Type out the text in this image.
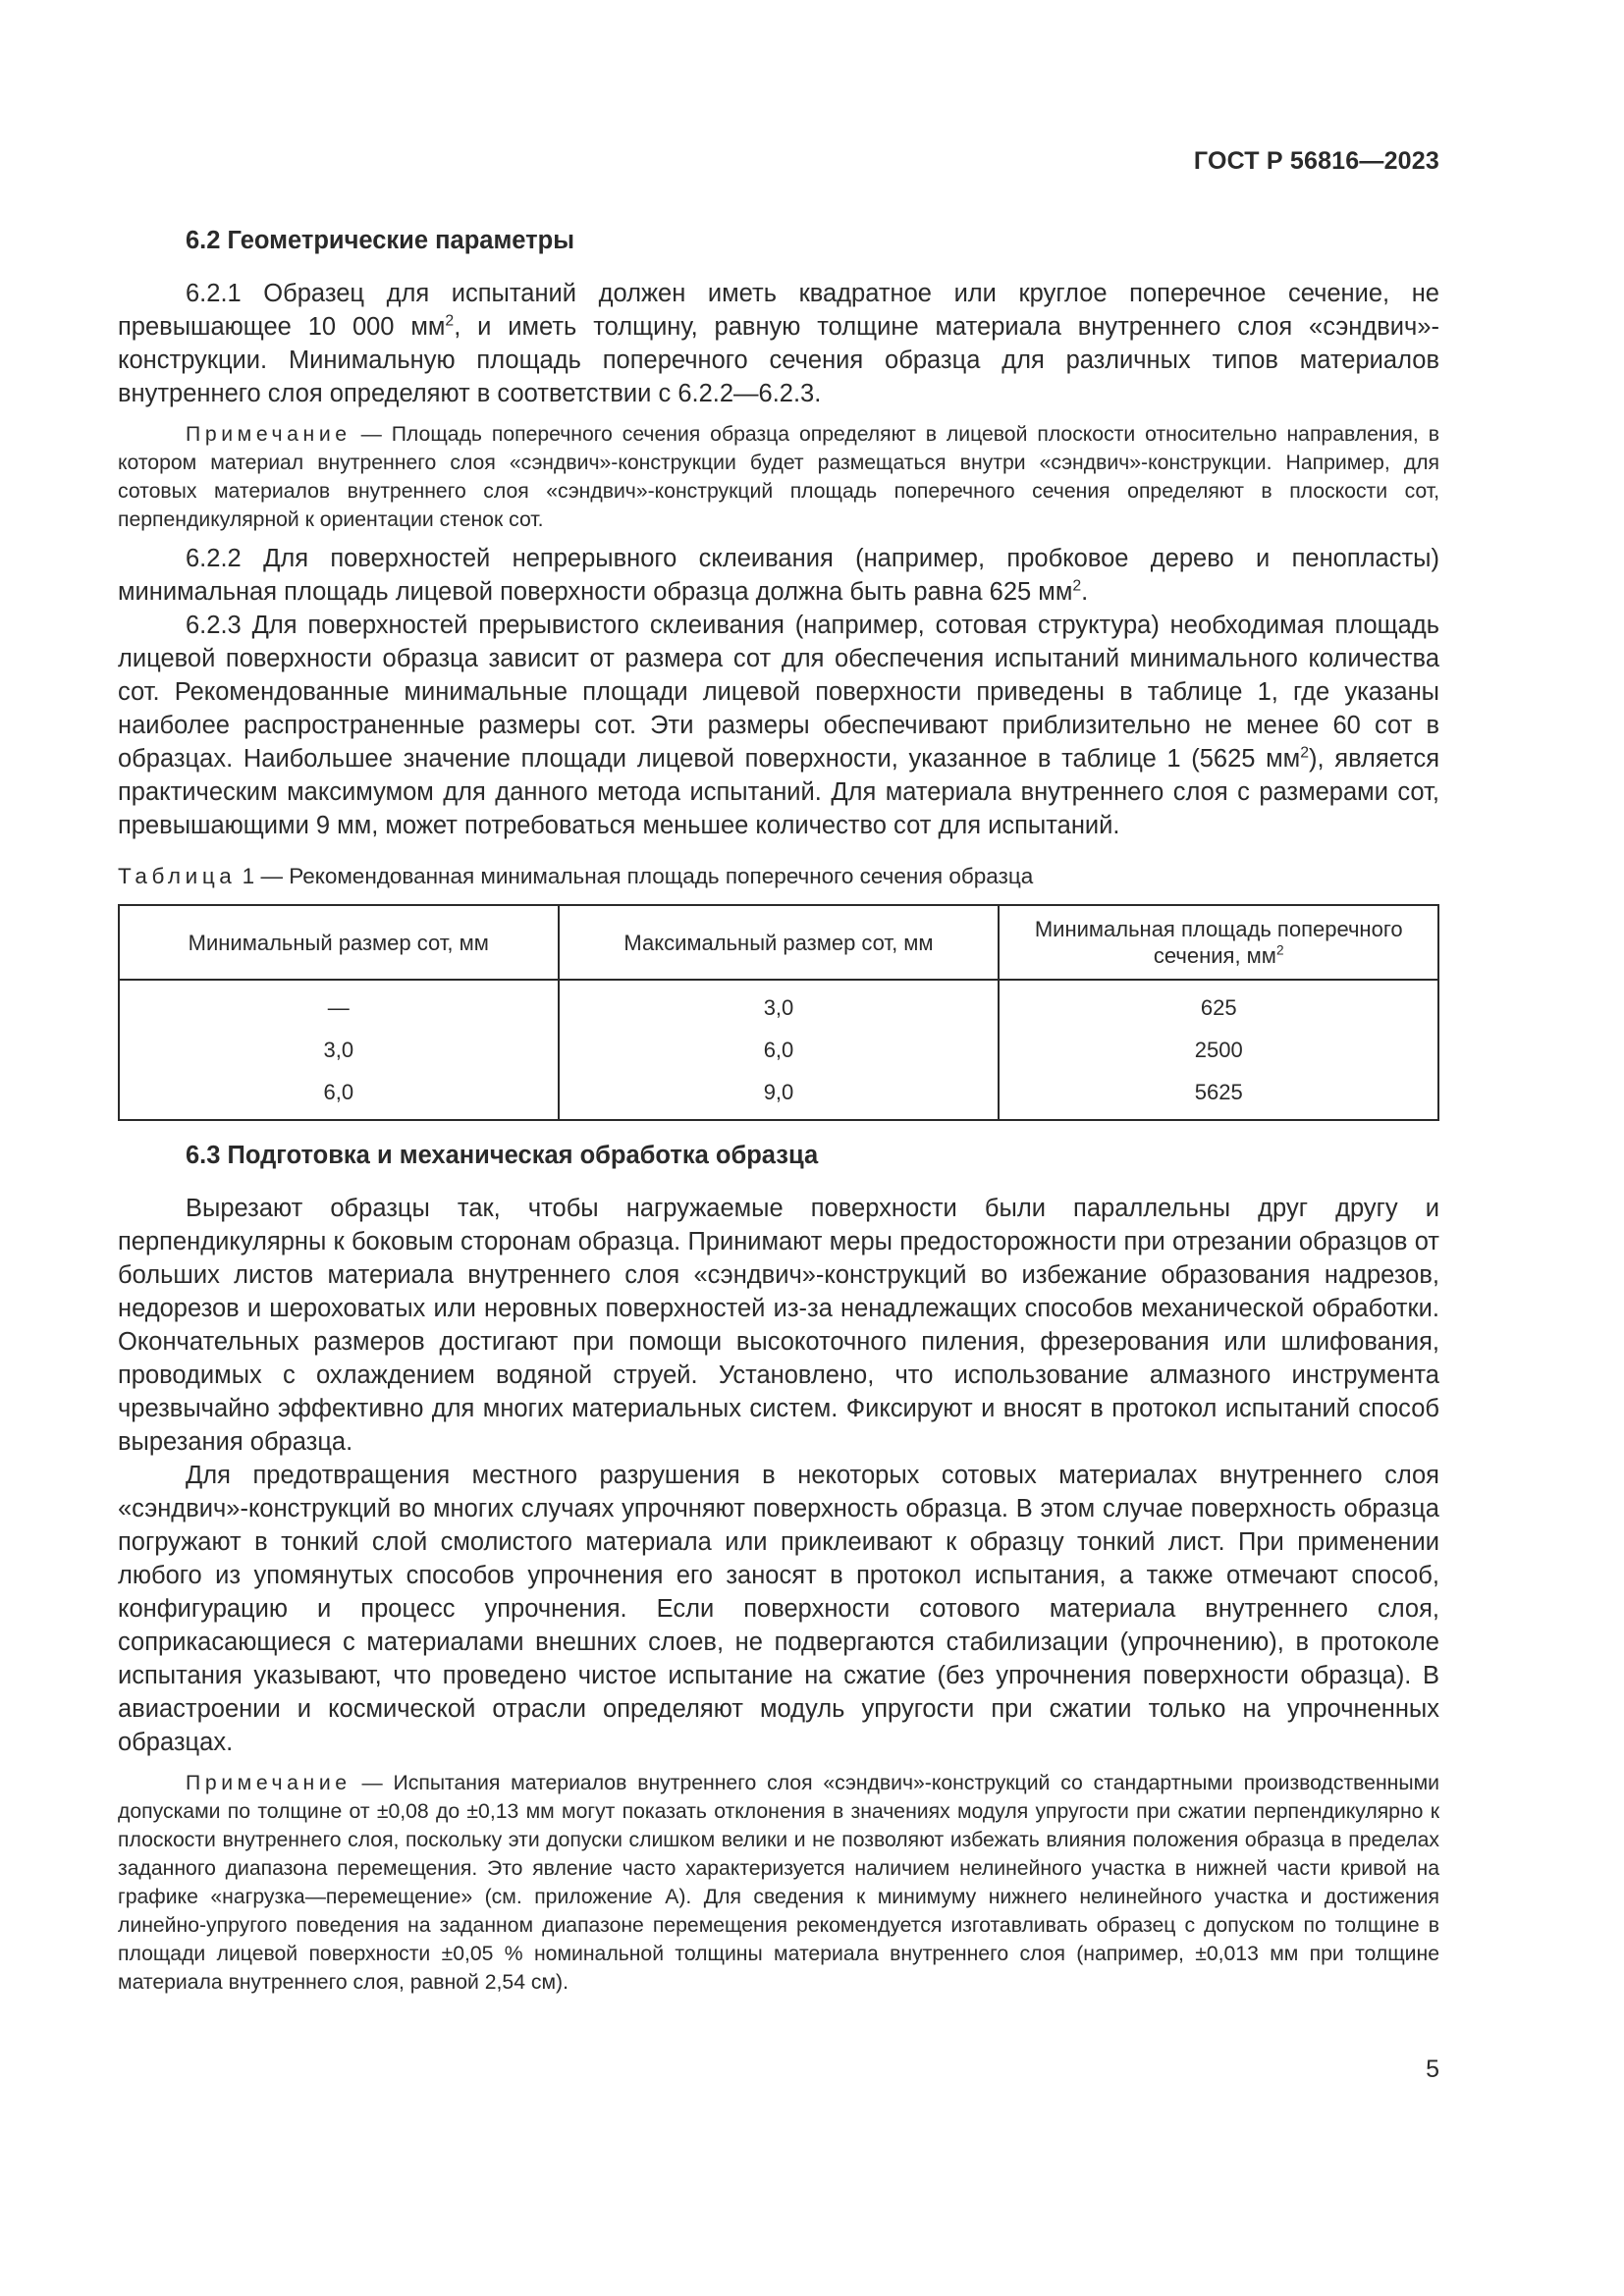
ГОСТ Р 56816—2023
6.2 Геометрические параметры

6.2.1 Образец для испытаний должен иметь квадратное или круглое поперечное сечение, не превышающее 10 000 $мм^2$, и иметь толщину, равную толщине материала внутреннего слоя «сэндвич»-конструкции. Минимальную площадь поперечного сечения образца для различных типов материалов внутреннего слоя определяют в соответствии с 6.2.2—6.2.3.

Примечание — Площадь поперечного сечения образца определяют в лицевой плоскости относительно направления, в котором материал внутреннего слоя «сэндвич»-конструкции будет размещаться внутри «сэндвич»-конструкции. Например, для сотовых материалов внутреннего слоя «сэндвич»-конструкций площадь поперечного сечения определяют в плоскости сот, перпендикулярной к ориентации стенок сот.

6.2.2 Для поверхностей непрерывного склеивания (например, пробковое дерево и пенопласты) минимальная площадь лицевой поверхности образца должна быть равна 625 $мм^2$.

6.2.3 Для поверхностей прерывистого склеивания (например, сотовая структура) необходимая площадь лицевой поверхности образца зависит от размера сот для обеспечения испытаний минимального количества сот. Рекомендованные минимальные площади лицевой поверхности приведены в таблице 1, где указаны наиболее распространенные размеры сот. Эти размеры обеспечивают приблизительно не менее 60 сот в образцах. Наибольшее значение площади лицевой поверхности, указанное в таблице 1 (5625 $мм^2$), является практическим максимумом для данного метода испытаний. Для материала внутреннего слоя с размерами сот, превышающими 9 мм, может потребоваться меньшее количество сот для испытаний.

Таблица 1 — Рекомендованная минимальная площадь поперечного сечения образца
Минимальный размер сот, мм	Максимальный размер сот, мм	Минимальная площадь поперечного сечения, $мм^2$
—	3,0	625
3,0	6,0	2500
6,0	9,0	5625
6.3 Подготовка и механическая обработка образца

Вырезают образцы так, чтобы нагружаемые поверхности были параллельны друг другу и перпендикулярны к боковым сторонам образца. Принимают меры предосторожности при отрезании образцов от больших листов материала внутреннего слоя «сэндвич»-конструкций во избежание образования надрезов, недорезов и шероховатых или неровных поверхностей из-за ненадлежащих способов механической обработки. Окончательных размеров достигают при помощи высокоточного пиления, фрезерования или шлифования, проводимых с охлаждением водяной струей. Установлено, что использование алмазного инструмента чрезвычайно эффективно для многих материальных систем. Фиксируют и вносят в протокол испытаний способ вырезания образца.

Для предотвращения местного разрушения в некоторых сотовых материалах внутреннего слоя «сэндвич»-конструкций во многих случаях упрочняют поверхность образца. В этом случае поверхность образца погружают в тонкий слой смолистого материала или приклеивают к образцу тонкий лист. При применении любого из упомянутых способов упрочнения его заносят в протокол испытания, а также отмечают способ, конфигурацию и процесс упрочнения. Если поверхности сотового материала внутреннего слоя, соприкасающиеся с материалами внешних слоев, не подвергаются стабилизации (упрочнению), в протоколе испытания указывают, что проведено чистое испытание на сжатие (без упрочнения поверхности образца). В авиастроении и космической отрасли определяют модуль упругости при сжатии только на упрочненных образцах.

Примечание — Испытания материалов внутреннего слоя «сэндвич»-конструкций со стандартными производственными допусками по толщине от ±0,08 до ±0,13 мм могут показать отклонения в значениях модуля упругости при сжатии перпендикулярно к плоскости внутреннего слоя, поскольку эти допуски слишком велики и не позволяют избежать влияния положения образца в пределах заданного диапазона перемещения. Это явление часто характеризуется наличием нелинейного участка в нижней части кривой на графике «нагрузка—перемещение» (см. приложение А). Для сведения к минимуму нижнего нелинейного участка и достижения линейно-упругого поведения на заданном диапазоне перемещения рекомендуется изготавливать образец с допуском по толщине в площади лицевой поверхности ±0,05 % номинальной толщины материала внутреннего слоя (например, ±0,013 мм при толщине материала внутреннего слоя, равной 2,54 см).

5
